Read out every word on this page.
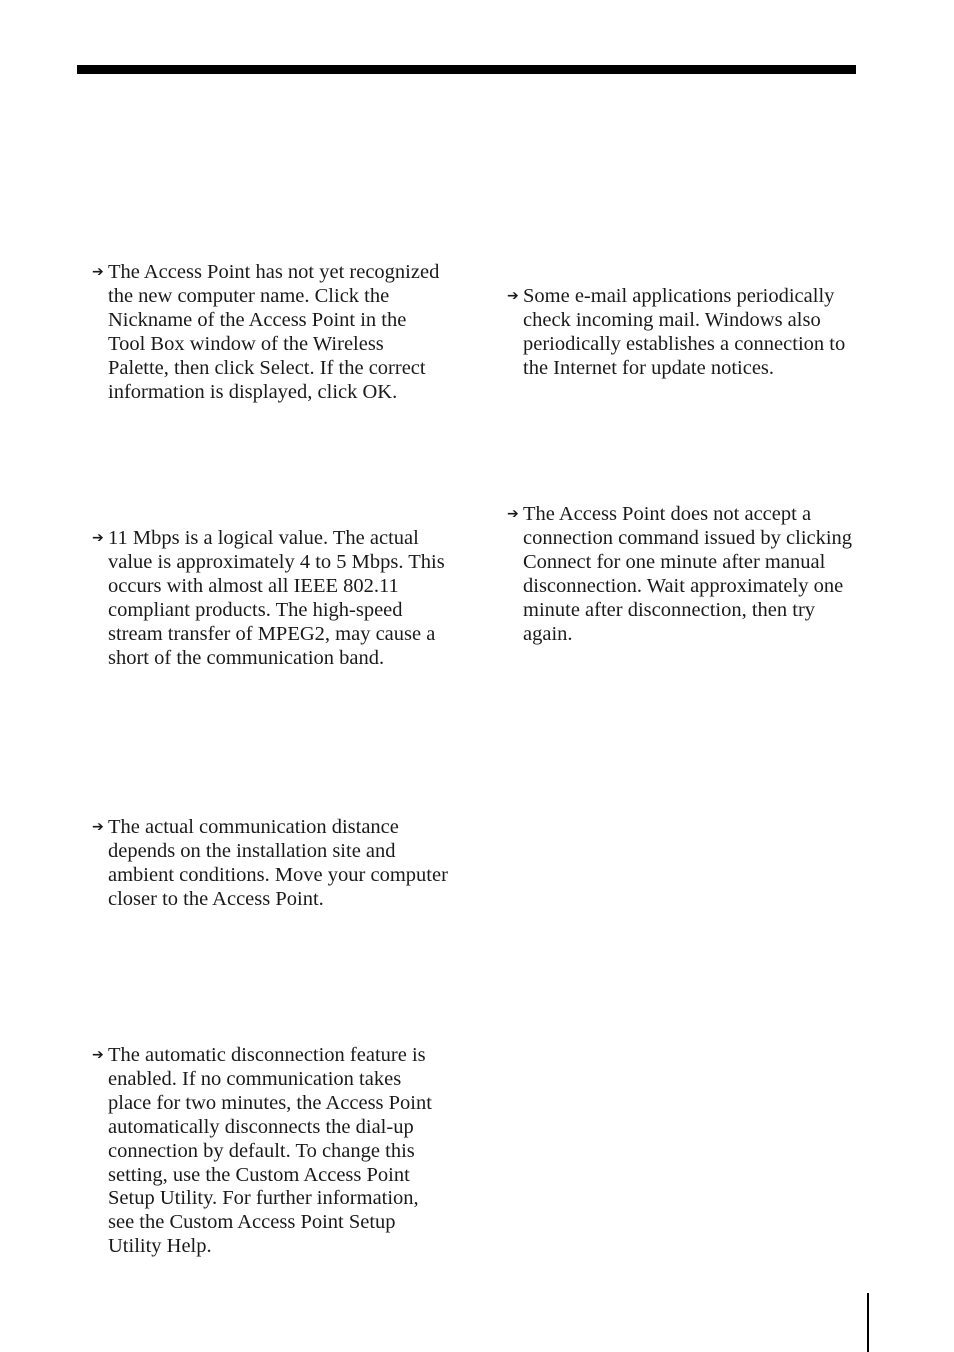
➔ The Access Point has not yet recognized the new computer name. Click the Nickname of the Access Point in the Tool Box window of the Wireless Palette, then click Select. If the correct information is displayed, click OK.
➔ 11 Mbps is a logical value. The actual value is approximately 4 to 5 Mbps. This occurs with almost all IEEE 802.11 compliant products. The high-speed stream transfer of MPEG2, may cause a short of the communication band.
➔ The actual communication distance depends on the installation site and ambient conditions. Move your computer closer to the Access Point.
➔ The automatic disconnection feature is enabled. If no communication takes place for two minutes, the Access Point automatically disconnects the dial-up connection by default. To change this setting, use the Custom Access Point Setup Utility. For further information, see the Custom Access Point Setup Utility Help.
➔ Some e-mail applications periodically check incoming mail. Windows also periodically establishes a connection to the Internet for update notices.
➔ The Access Point does not accept a connection command issued by clicking Connect for one minute after manual disconnection. Wait approximately one minute after disconnection, then try again.
